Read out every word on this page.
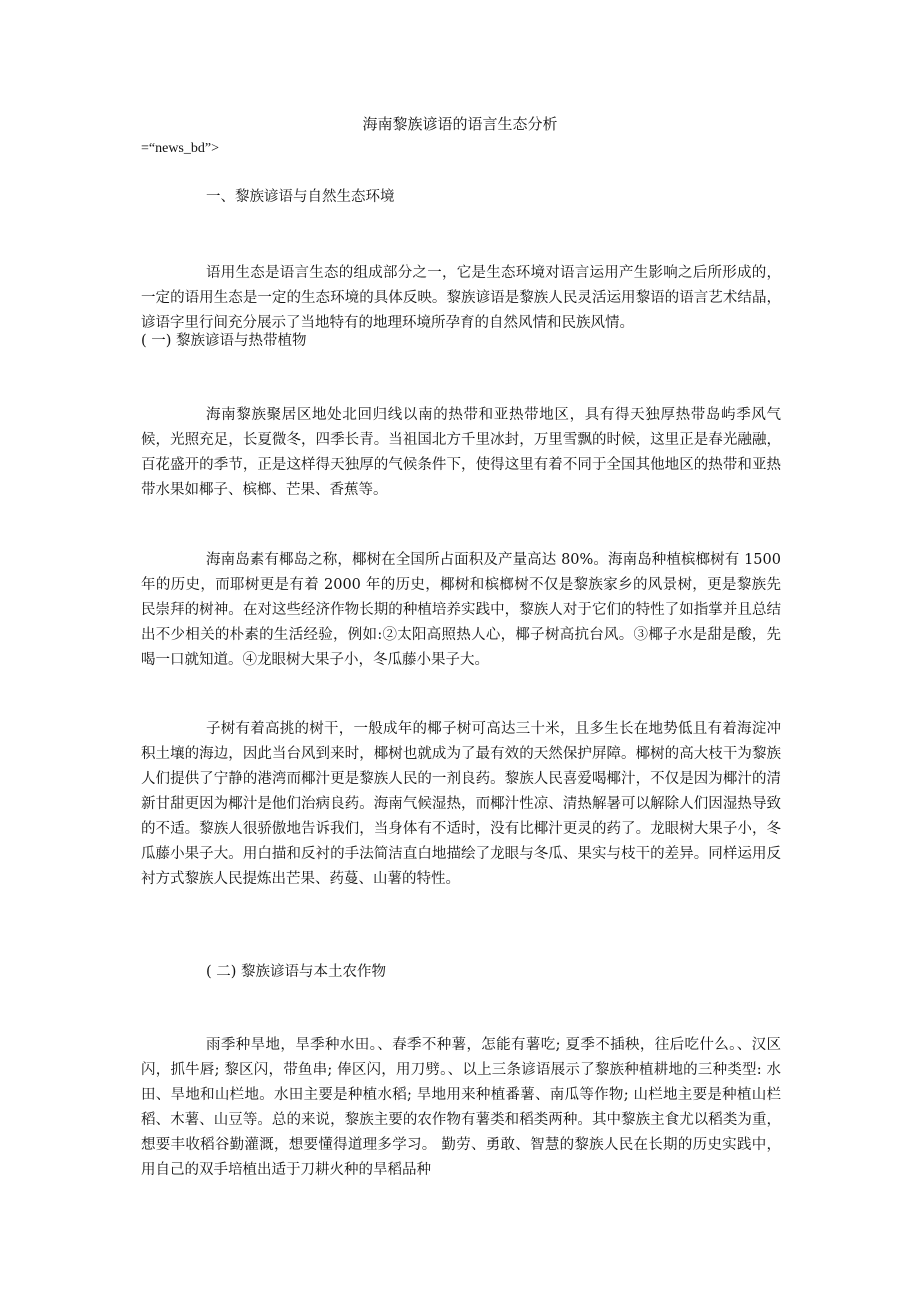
海南黎族谚语的语言生态分析
=“news_bd”>
一、黎族谚语与自然生态环境

语用生态是语言生态的组成部分之一，它是生态环境对语言运用产生影响之后所形成的，一定的语用生态是一定的生态环境的具体反映。黎族谚语是黎族人民灵活运用黎语的语言艺术结晶，谚语字里行间充分展示了当地特有的地理环境所孕育的自然风情和民族风情。

( 一) 黎族谚语与热带植物

海南黎族聚居区地处北回归线以南的热带和亚热带地区，具有得天独厚热带岛屿季风气候，光照充足，长夏微冬，四季长青。当祖国北方千里冰封，万里雪飘的时候，这里正是春光融融，百花盛开的季节，正是这样得天独厚的气候条件下，使得这里有着不同于全国其他地区的热带和亚热带水果如椰子、槟榔、芒果、香蕉等。

海南岛素有椰岛之称，椰树在全国所占面积及产量高达 80%。海南岛种植槟榔树有 1500 年的历史，而耶树更是有着 2000 年的历史，椰树和槟榔树不仅是黎族家乡的风景树，更是黎族先民崇拜的树神。在对这些经济作物长期的种植培养实践中，黎族人对于它们的特性了如指掌并且总结出不少相关的朴素的生活经验，例如:②太阳高照热人心，椰子树高抗台风。③椰子水是甜是酸，先喝一口就知道。④龙眼树大果子小，冬瓜藤小果子大。

子树有着高挑的树干，一般成年的椰子树可高达三十米，且多生长在地势低且有着海淀冲积土壤的海边，因此当台风到来时，椰树也就成为了最有效的天然保护屏障。椰树的高大枝干为黎族人们提供了宁静的港湾而椰汁更是黎族人民的一剂良药。黎族人民喜爱喝椰汁，不仅是因为椰汁的清新甘甜更因为椰汁是他们治病良药。海南气候湿热，而椰汁性凉、清热解暑可以解除人们因湿热导致的不适。黎族人很骄傲地告诉我们，当身体有不适时，没有比椰汁更灵的药了。龙眼树大果子小，冬瓜藤小果子大。用白描和反衬的手法简洁直白地描绘了龙眼与冬瓜、果实与枝干的差异。同样运用反衬方式黎族人民提炼出芒果、药蔓、山薯的特性。

( 二) 黎族谚语与本土农作物

雨季种旱地，旱季种水田。、春季不种薯，怎能有薯吃; 夏季不插秧，往后吃什么。、汉区闪，抓牛唇; 黎区闪，带鱼串; 俸区闪，用刀劈。、以上三条谚语展示了黎族种植耕地的三种类型: 水田、旱地和山栏地。水田主要是种植水稻; 旱地用来种植番薯、南瓜等作物; 山栏地主要是种植山栏稻、木薯、山豆等。总的来说，黎族主要的农作物有薯类和稻类两种。其中黎族主食尤以稻类为重，想要丰收稻谷勤灌溉，想要懂得道理多学习。 勤劳、勇敢、智慧的黎族人民在长期的历史实践中，用自己的双手培植出适于刀耕火种的旱稻品种
